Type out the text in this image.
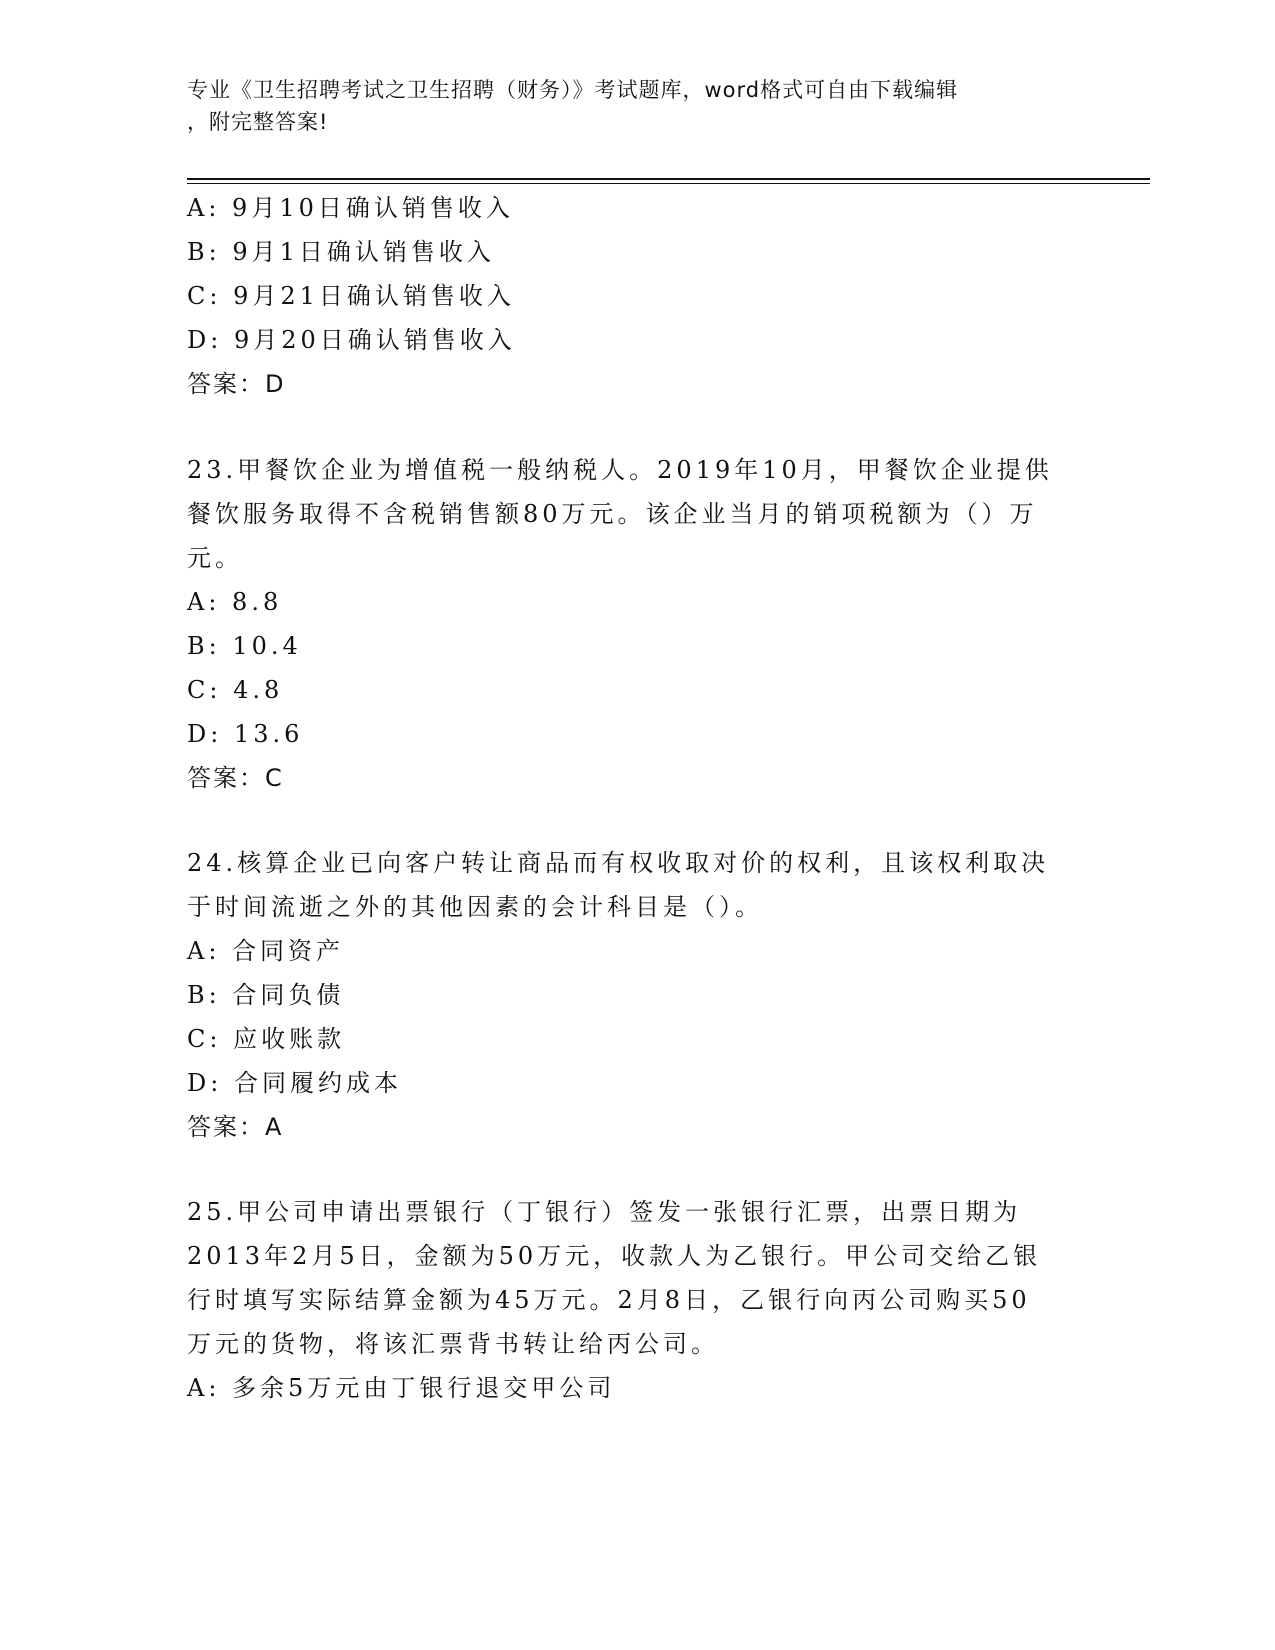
专业《卫生招聘考试之卫生招聘（财务）》考试题库，word格式可自由下载编辑
，附完整答案!
A: 9月10日确认销售收入
B: 9月1日确认销售收入
C: 9月21日确认销售收入
D: 9月20日确认销售收入
答案：D
23.甲餐饮企业为增值税一般纳税人。2019年10月，甲餐饮企业提供
餐饮服务取得不含税销售额80万元。该企业当月的销项税额为（）万
元。
A: 8.8
B: 10.4
C: 4.8
D: 13.6
答案：C
24.核算企业已向客户转让商品而有权收取对价的权利，且该权利取决
于时间流逝之外的其他因素的会计科目是（）。
A: 合同资产
B: 合同负债
C: 应收账款
D: 合同履约成本
答案：A
25.甲公司申请出票银行（丁银行）签发一张银行汇票，出票日期为
2013年2月5日，金额为50万元，收款人为乙银行。甲公司交给乙银
行时填写实际结算金额为45万元。2月8日，乙银行向丙公司购买50
万元的货物，将该汇票背书转让给丙公司。
A: 多余5万元由丁银行退交甲公司
